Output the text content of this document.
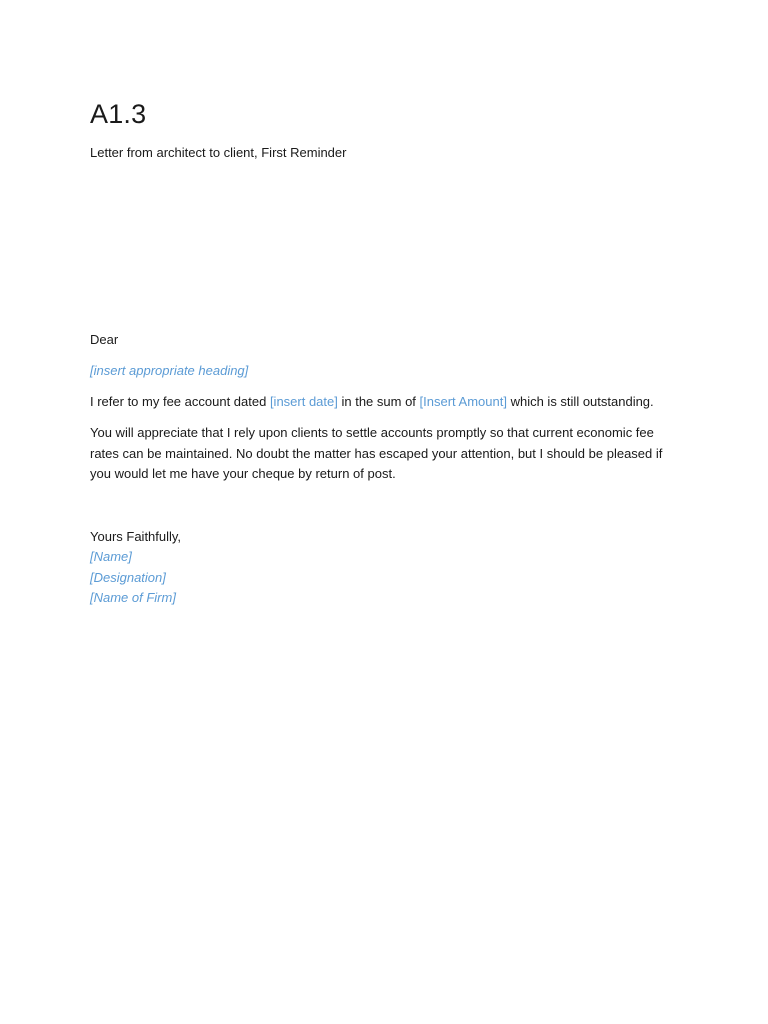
A1.3

Letter from architect to client, First Reminder

Dear

[insert appropriate heading]

I refer to my fee account dated [insert date] in the sum of [Insert Amount] which is still outstanding.

You will appreciate that I rely upon clients to settle accounts promptly so that current economic fee rates can be maintained. No doubt the matter has escaped your attention, but I should be pleased if you would let me have your cheque by return of post.

Yours Faithfully,
[Name]
[Designation]
[Name of Firm]
